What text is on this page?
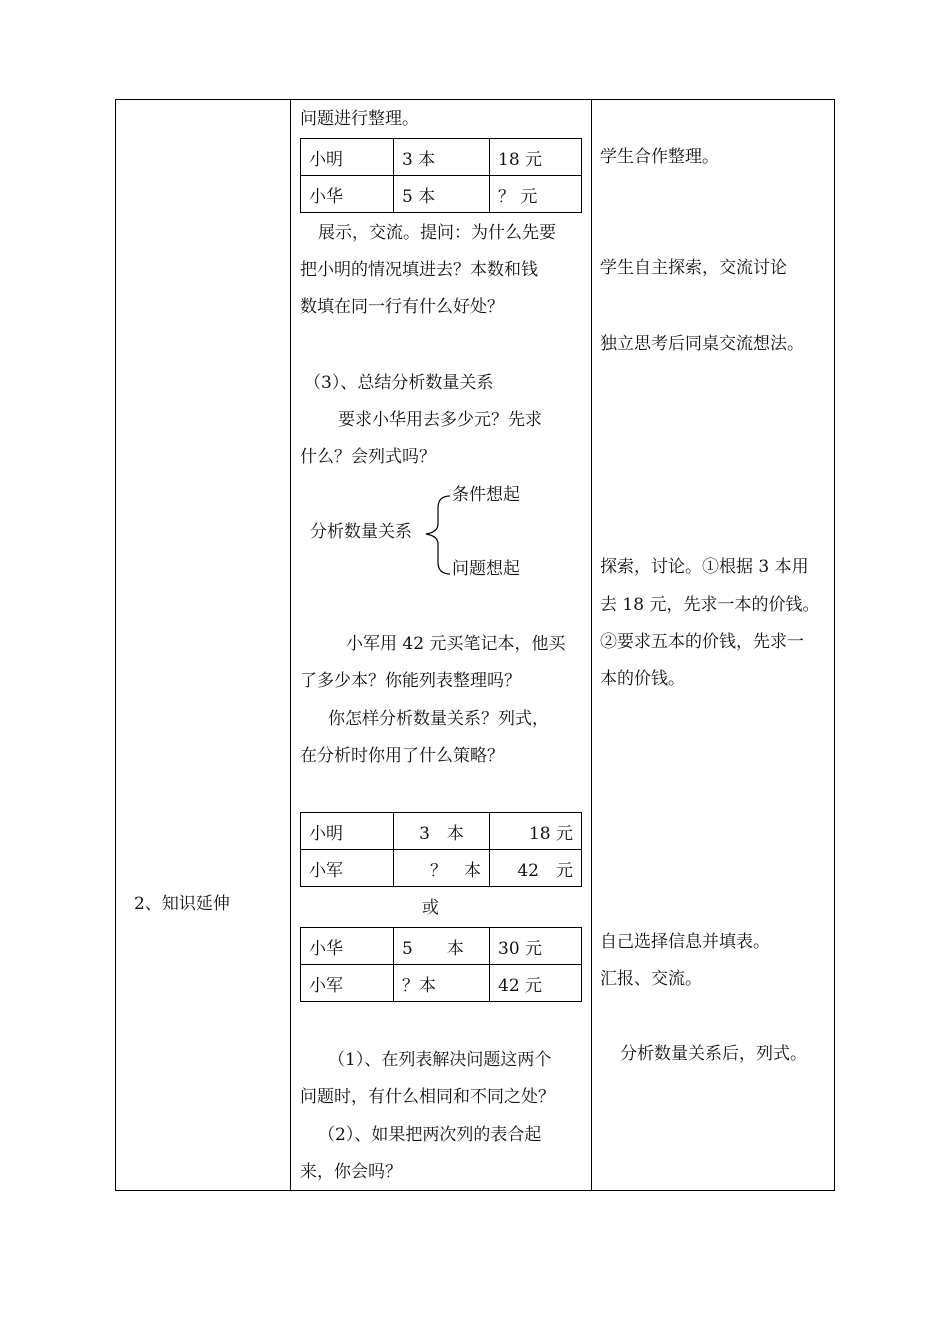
2、知识延伸
问题进行整理。
小明	3 本	18 元
小华	5 本	？ 元
展示，交流。提问：为什么先要
把小明的情况填进去？本数和钱
数填在同一行有什么好处？
（3）、总结分析数量关系
要求小华用去多少元？先求
什么？会列式吗？
条件想起
分析数量关系
问题想起
小军用 42 元买笔记本，他买
了多少本？你能列表整理吗？
你怎样分析数量关系？列式，
在分析时你用了什么策略？
小明	3　本	18 元
小军	？　本	42　元
或
小华	5　　本	30 元
小军	？本	42 元
（1）、在列表解决问题这两个
问题时，有什么相同和不同之处？
（2）、如果把两次列的表合起
来，你会吗？
学生合作整理。
学生自主探索，交流讨论
独立思考后同桌交流想法。
探索，讨论。①根据 3 本用
去 18 元，先求一本的价钱。
②要求五本的价钱，先求一
本的价钱。
自己选择信息并填表。
汇报、交流。
分析数量关系后，列式。
